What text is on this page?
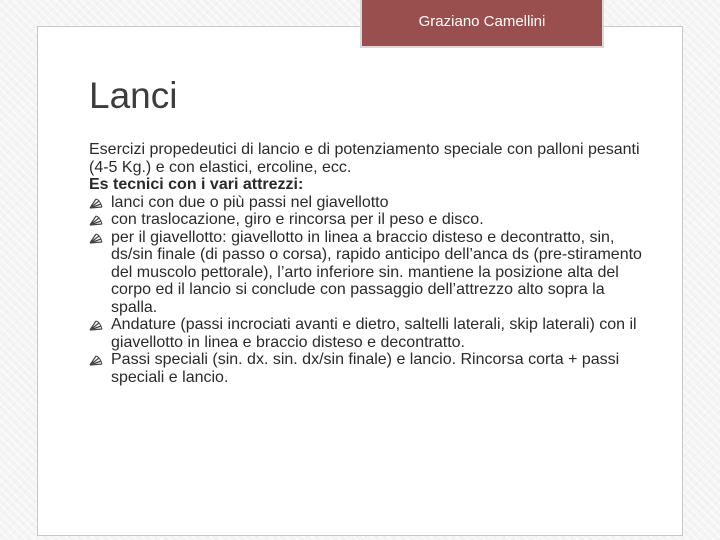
Graziano Camellini
Lanci

Esercizi propedeutici di lancio e di potenziamento speciale con palloni pesanti (4-5 Kg.) e con elastici, ercoline, ecc.

Es tecnici con i vari attrezzi:

lanci con due o più passi nel giavellotto
con traslocazione, giro e rincorsa per il peso e disco.
per il giavellotto: giavellotto in linea a braccio disteso e decontratto, sin, ds/sin finale (di passo o corsa), rapido anticipo dell’anca ds (pre-stiramento del muscolo pettorale), l’arto inferiore sin. mantiene la posizione alta del corpo ed il lancio si conclude con passaggio dell’attrezzo alto sopra la spalla.
Andature (passi incrociati avanti e dietro, saltelli laterali, skip laterali) con il giavellotto in linea e braccio disteso e decontratto.
Passi speciali (sin. dx. sin. dx/sin finale) e lancio. Rincorsa corta + passi speciali e lancio.
